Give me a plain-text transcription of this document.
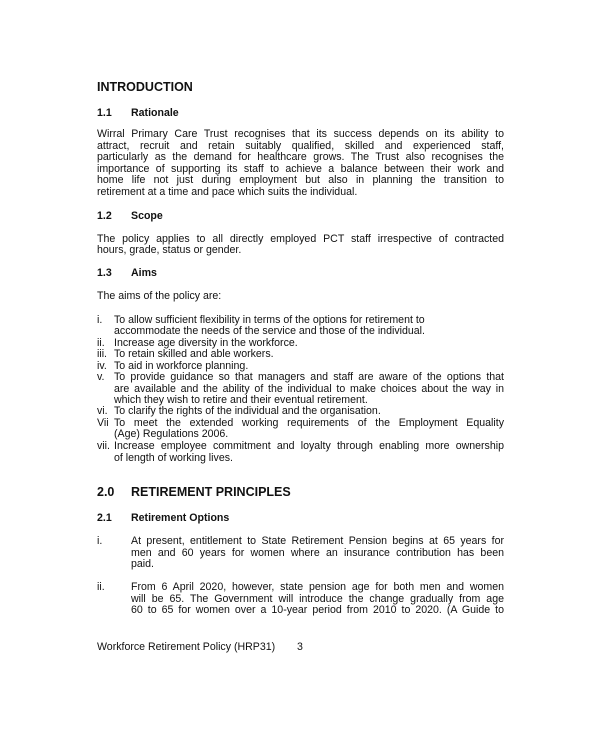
INTRODUCTION
1.1 Rationale
Wirral Primary Care Trust recognises that its success depends on its ability to
attract, recruit and retain suitably qualified, skilled and experienced staff,
particularly as the demand for healthcare grows. The Trust also recognises the
importance of supporting its staff to achieve a balance between their work and
home life not just during employment but also in planning the transition to
retirement at a time and pace which suits the individual.
1.2 Scope
The policy applies to all directly employed PCT staff irrespective of contracted
hours, grade, status or gender.
1.3 Aims
The aims of the policy are:
i. To allow sufficient flexibility in terms of the options for retirement to
accommodate the needs of the service and those of the individual.
ii. Increase age diversity in the workforce.
iii. To retain skilled and able workers.
iv. To aid in workforce planning.
v. To provide guidance so that managers and staff are aware of the options that
are available and the ability of the individual to make choices about the way in
which they wish to retire and their eventual retirement.
vi. To clarify the rights of the individual and the organisation.
Vii To meet the extended working requirements of the Employment Equality
(Age) Regulations 2006.
vii. Increase employee commitment and loyalty through enabling more ownership
of length of working lives.
2.0 RETIREMENT PRINCIPLES
2.1 Retirement Options
i.	At present, entitlement to State Retirement Pension begins at 65 years for
men and 60 years for women where an insurance contribution has been
paid.
ii. From 6 April 2020, however, state pension age for both men and women
will be 65. The Government will introduce the change gradually from age
60 to 65 for women over a 10-year period from 2010 to 2020. (A Guide to
Workforce Retirement Policy (HRP31) 3
